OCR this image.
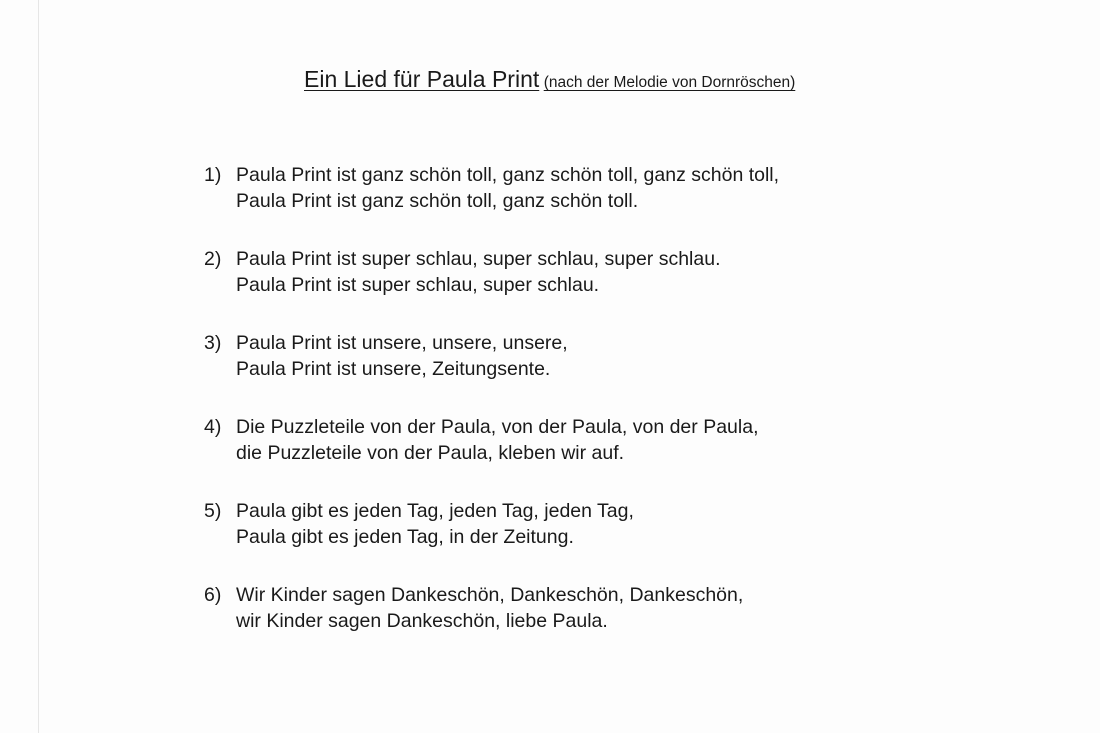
Ein Lied für Paula Print (nach der Melodie von Dornröschen)
1) Paula Print ist ganz schön toll, ganz schön toll, ganz schön toll,
Paula Print ist ganz schön toll, ganz schön toll.
2) Paula Print ist super schlau, super schlau, super schlau.
Paula Print ist super schlau, super schlau.
3) Paula Print ist unsere, unsere, unsere,
Paula Print ist unsere, Zeitungsente.
4) Die Puzzleteile von der Paula, von der Paula, von der Paula,
die Puzzleteile von der Paula, kleben wir auf.
5) Paula gibt es jeden Tag, jeden Tag, jeden Tag,
Paula gibt es jeden Tag, in der Zeitung.
6) Wir Kinder sagen Dankeschön, Dankeschön, Dankeschön,
wir Kinder sagen Dankeschön, liebe Paula.
